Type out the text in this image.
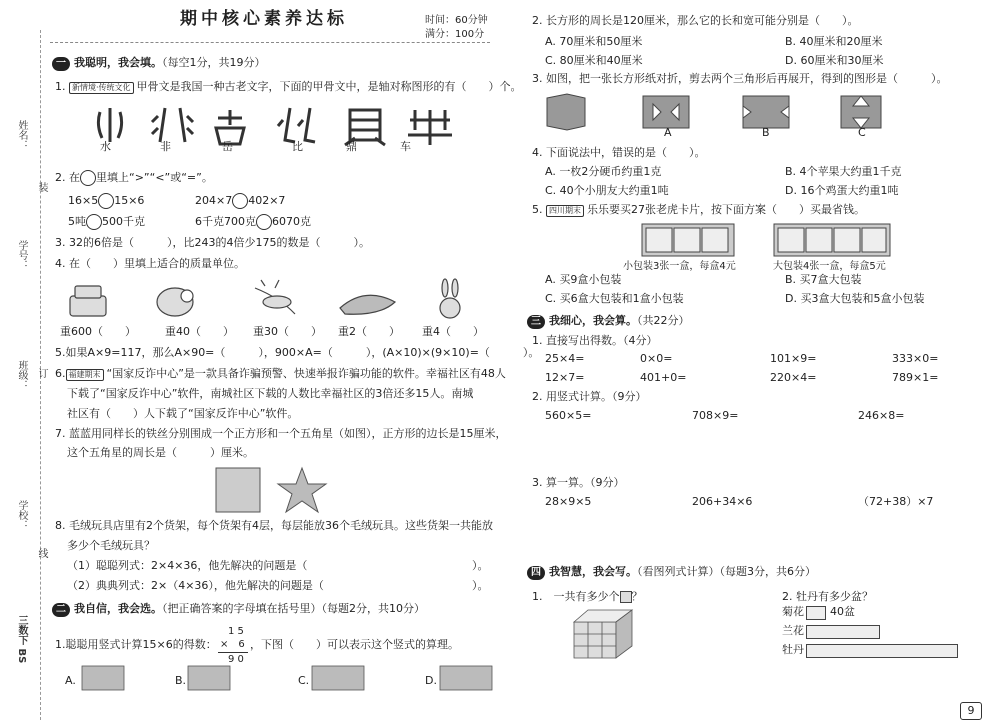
姓名：
学号：
班级：
学校：
装
订
线
三数下 BS
期中核心素养达标	时间：60分钟
满分：100分
一 我聪明，我会填。（每空1分，共19分）
1. 新情境·传统文化 甲骨文是我国一种古老文字，下面的甲骨文中，是轴对称图形的有（　　）个。
水	非	岳	比	鼎	车
2. 在 里填上“>”“<”或“=”。
16×5 15×6	204×7 402×7
5吨 500千克	6千克700克 6070克
3. 32的6倍是（　　　），比243的4倍少175的数是（　　　）。
4. 在（　　）里填上适合的质量单位。
重600（　　）	重40（　　） 重30（　　） 重2（　　） 重4（　　）
5.如果A×9=117，那么A×90=（　　　），900×A=（　　　），(A×10)×(9×10)=（　　　）。
6. 福建期末 “国家反诈中心”是一款具备诈骗预警、快速举报诈骗功能的软件。幸福社区有48人
下载了“国家反诈中心”软件，南城社区下载的人数比幸福社区的3倍还多15人。南城
社区有（　　）人下载了“国家反诈中心”软件。
7. 蓝蓝用同样长的铁丝分别围成一个正方形和一个五角星（如图），正方形的边长是15厘米，
这个五角星的周长是（　　　）厘米。
8. 毛绒玩具店里有2个货架，每个货架有4层，每层能放36个毛绒玩具。这些货架一共能放
多少个毛绒玩具？
（1）聪聪列式：2×4×36，他先解决的问题是（	）。
（2）典典列式：2×（4×36），他先解决的问题是（	）。
二 我自信，我会选。（把正确答案的字母填在括号里）（每题2分，共10分）
1.聪聪用竖式计算15×6的得数：
1 5
×　6
9 0
，下图（　　）可以表示这个竖式的算理。
A.	B.	C.	D.
2. 长方形的周长是120厘米，那么它的长和宽可能分别是（　　）。
A. 70厘米和50厘米	B. 40厘米和20厘米
C. 80厘米和40厘米	D. 60厘米和30厘米
3. 如图，把一张长方形纸对折，剪去两个三角形后再展开，得到的图形是（　　　）。
A	B	C
4. 下面说法中，错误的是（　　）。
A. 一枚2分硬币约重1克	B. 4个苹果大约重1千克
C. 40个小朋友大约重1吨	D. 16个鸡蛋大约重1吨
5. 四川期末 乐乐要买27张老虎卡片，按下面方案（　　）买最省钱。
小包装3张一盒，每盒4元	大包装4张一盒，每盒5元
A. 买9盒小包装	B. 买7盒大包装
C. 买6盒大包装和1盒小包装	D. 买3盒大包装和5盒小包装
三 我细心，我会算。（共22分）
1. 直接写出得数。（4分）
25×4=	0×0=	101×9=	333×0=
12×7=	401+0=	220×4=	789×1=
2. 用竖式计算。（9分）
560×5=	708×9=	246×8=
3. 算一算。（9分）
28×9×5	206+34×6	（72+38）×7
四 我智慧，我会写。（看图列式计算）（每题3分，共6分）
1.　一共有多少个 ？	2. 牡丹有多少盆？
菊花 40盆
兰花
牡丹
9
